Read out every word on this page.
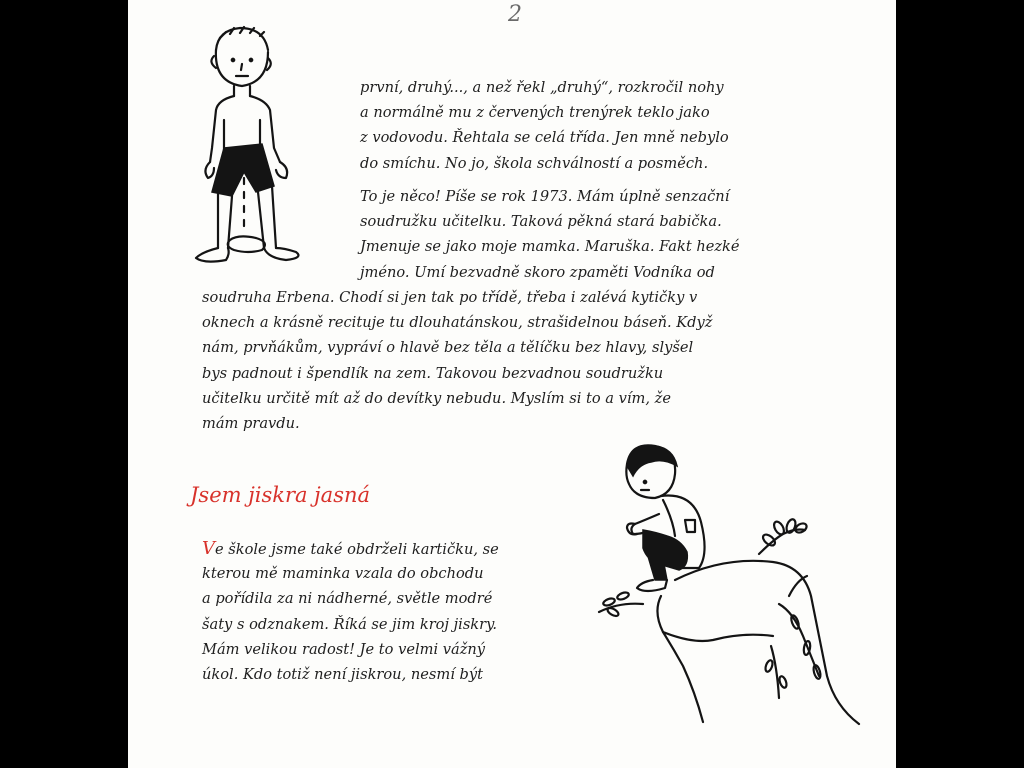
2
první, druhý..., a než řekl „druhý“, rozkročil nohy
a normálně mu z červených trenýrek teklo jako
z vodovodu. Řehtala se celá třída. Jen mně nebylo
do smíchu. No jo, škola schválností a posměch.
To je něco! Píše se rok 1973. Mám úplně senzační
soudružku učitelku. Taková pěkná stará babička.
Jmenuje se jako moje mamka. Maruška. Fakt hezké
jméno. Umí bezvadně skoro zpaměti Vodníka od
soudruha Erbena. Chodí si jen tak po třídě, třeba i zalévá kytičky v
oknech a krásně recituje tu dlouhatánskou, strašidelnou báseň. Když
nám, prvňákům, vypráví o hlavě bez těla a tělíčku bez hlavy, slyšel
bys padnout i špendlík na zem. Takovou bezvadnou soudružku
učitelku určitě mít až do devítky nebudu. Myslím si to a vím, že
mám pravdu.
Jsem jiskra jasná
Ve škole jsme také obdrželi kartičku, se
kterou mě maminka vzala do obchodu
a pořídila za ni nádherné, světle modré
šaty s odznakem. Říká se jim kroj jiskry.
Mám velikou radost! Je to velmi vážný
úkol. Kdo totiž není jiskrou, nesmí být
